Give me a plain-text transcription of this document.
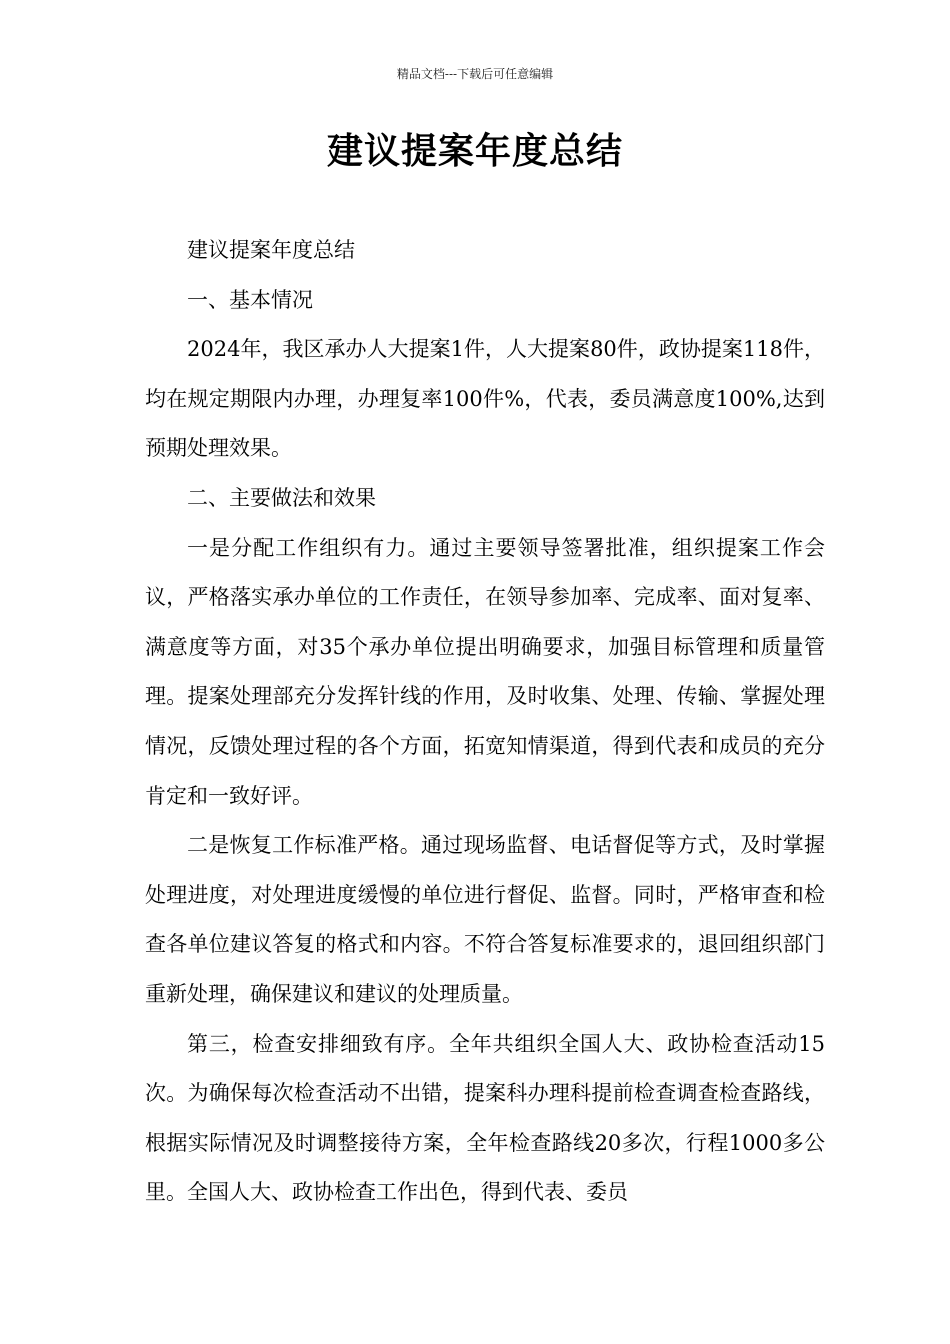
精品文档---下载后可任意编辑
建议提案年度总结

建议提案年度总结

一、基本情况

2024年，我区承办人大提案1件，人大提案80件，政协提案118件，均在规定期限内办理，办理复率100件%，代表，委员满意度100%,达到预期处理效果。

二、主要做法和效果

一是分配工作组织有力。通过主要领导签署批准，组织提案工作会议，严格落实承办单位的工作责任，在领导参加率、完成率、面对复率、满意度等方面，对35个承办单位提出明确要求，加强目标管理和质量管理。提案处理部充分发挥针线的作用，及时收集、处理、传输、掌握处理情况，反馈处理过程的各个方面，拓宽知情渠道，得到代表和成员的充分肯定和一致好评。

二是恢复工作标准严格。通过现场监督、电话督促等方式，及时掌握处理进度，对处理进度缓慢的单位进行督促、监督。同时，严格审查和检查各单位建议答复的格式和内容。不符合答复标准要求的，退回组织部门重新处理，确保建议和建议的处理质量。

第三，检查安排细致有序。全年共组织全国人大、政协检查活动15次。为确保每次检查活动不出错，提案科办理科提前检查调查检查路线，根据实际情况及时调整接待方案，全年检查路线20多次，行程1000多公里。全国人大、政协检查工作出色，得到代表、委员
